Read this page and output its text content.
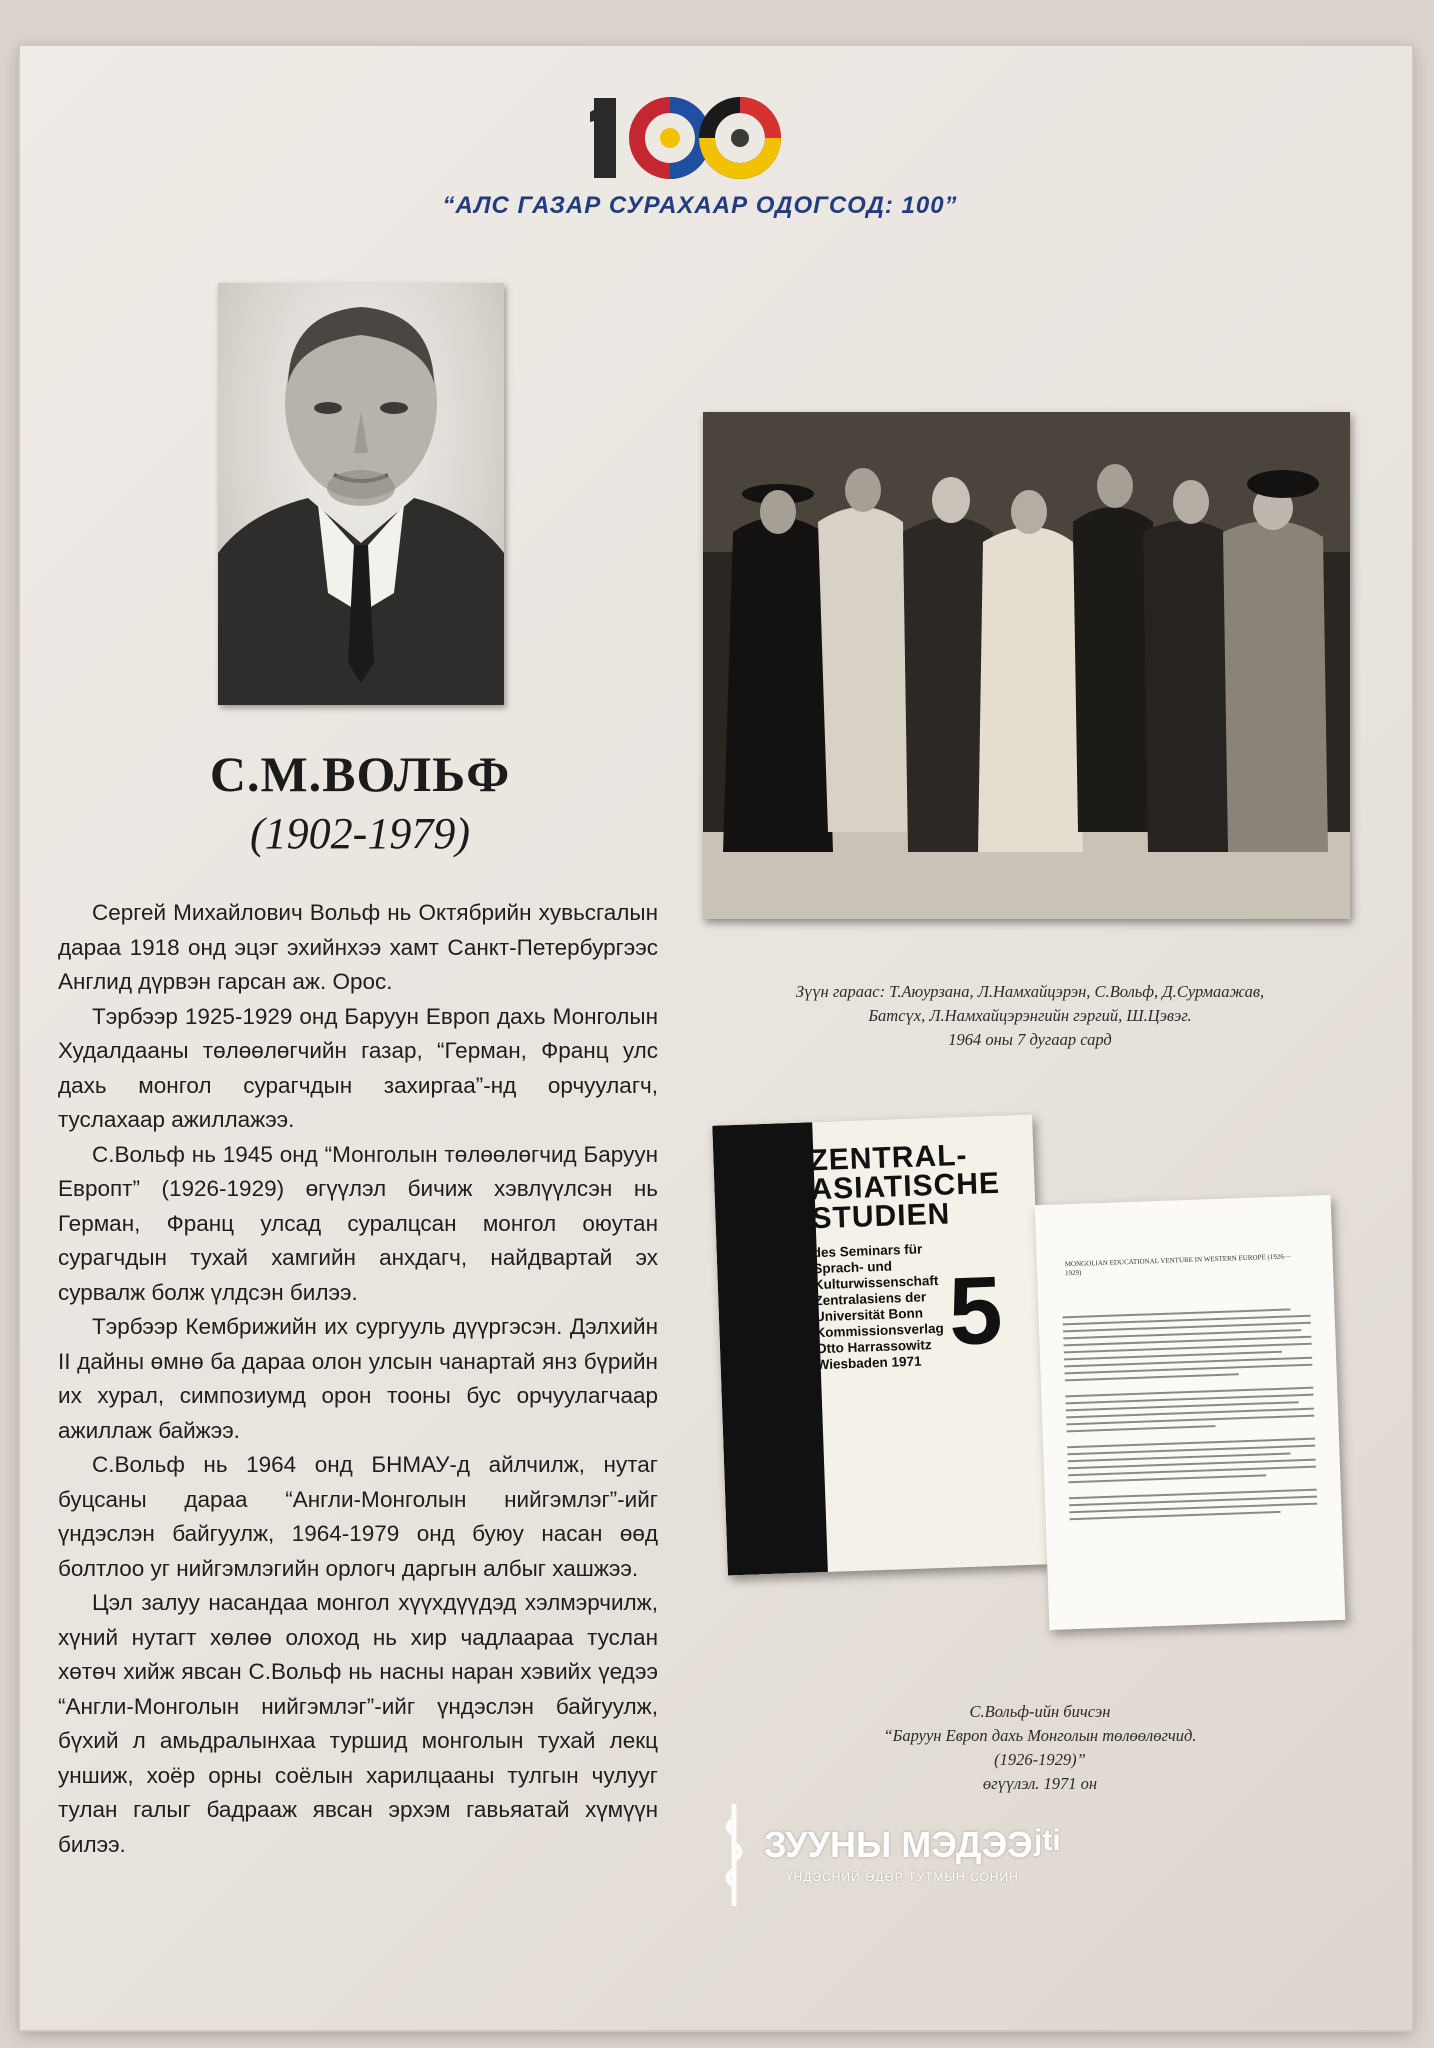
“АЛС ГАЗАР СУРАХААР ОДОГСОД: 100”
С.М.ВОЛЬФ
(1902-1979)

Сергей Михайлович Вольф нь Октябрийн хувьсгалын дараа 1918 онд эцэг эхийнхээ хамт Санкт-Петербургээс Англид дүрвэн гарсан аж. Орос.

Тэрбээр 1925-1929 онд Баруун Европ дахь Монголын Худалдааны төлөөлөгчийн газар, “Герман, Франц улс дахь монгол сурагчдын захиргаа”-нд орчуулагч, туслахаар ажиллажээ.

С.Вольф нь 1945 онд “Монголын төлөөлөгчид Баруун Европт” (1926-1929) өгүүлэл бичиж хэвлүүлсэн нь Герман, Франц улсад суралцсан монгол оюутан сурагчдын тухай хамгийн анхдагч, найдвартай эх сурвалж болж үлдсэн билээ.

Тэрбээр Кембрижийн их сургууль дүүргэсэн. Дэлхийн II дайны өмнө ба дараа олон улсын чанартай янз бүрийн их хурал, симпозиумд орон тооны бус орчуулагчаар ажиллаж байжээ.

С.Вольф нь 1964 онд БНМАУ-д айлчилж, нутаг буцсаны дараа “Англи-Монголын нийгэмлэг”-ийг үндэслэн байгуулж, 1964-1979 онд буюу насан өөд болтлоо уг нийгэмлэгийн орлогч даргын албыг хашжээ.

Цэл залуу насандаа монгол хүүхдүүдэд хэлмэрчилж, хүний нутагт хөлөө олоход нь хир чадлаараа туслан хөтөч хийж явсан С.Вольф нь насны наран хэвийх үедээ “Англи-Монголын нийгэмлэг”-ийг үндэслэн байгуулж, бүхий л амьдралынхаа туршид монголын тухай лекц уншиж, хоёр орны соёлын харилцааны тулгын чулууг тулан галыг бадрааж явсан эрхэм гавьяатай хүмүүн билээ.

Зүүн гараас: Т.Аюурзана, Л.Намхайцэрэн, С.Вольф, Д.Сурмаажав,
Батсүх, Л.Намхайцэрэнгийн гэргий, Ш.Цэвэг.
1964 оны 7 дугаар сард
ZENTRAL- ASIATISCHE STUDIEN
des Seminars für Sprach- und Kulturwissenschaft Zentralasiens der Universität Bonn Kommissionsverlag Otto Harrassowitz Wiesbaden 1971 5	MONGOLIAN EDUCATIONAL VENTURE IN WESTERN EUROPE (1926—1929)
С.Вольф-ийн бичсэн
“Баруун Европ дахь Монголын төлөөлөгчид.
(1926-1929)”
өгүүлэл. 1971 он
ЗУУНЫ МЭДЭЭ
ҮНДЭСНИЙ ӨДӨР ТУТМЫН СОНИН
jti
